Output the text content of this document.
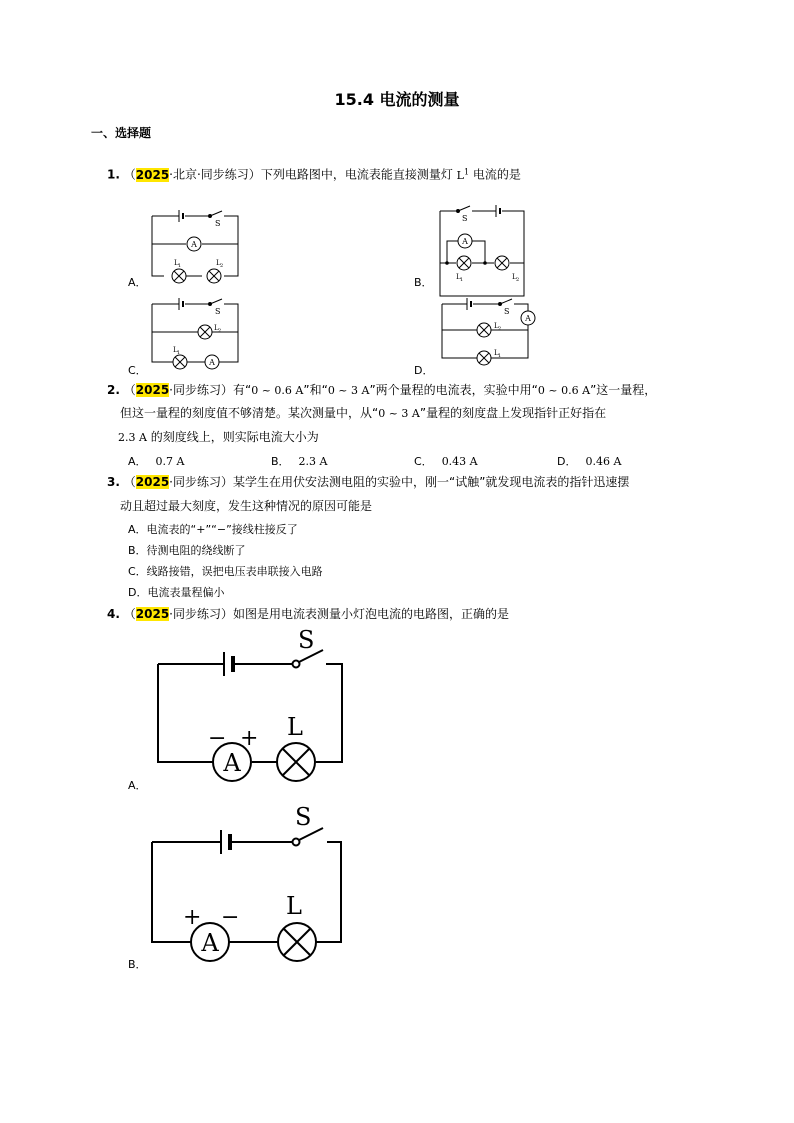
15.4 电流的测量
一、选择题
1. （2025·北京·同步练习）下列电路图中，电流表能直接测量灯 $L^1$ 电流的是
A．	B．
C．	D．
A
S
L 1	L 2
A
S
L 1	L 2
A
S
L 2
L 1
A
S
L 2
L 1
2. （2025·同步练习）有“0 ~ 0.6 A”和“0 ~ 3 A”两个量程的电流表，实验中用“0 ~ 0.6 A”这一量程，
但这一量程的刻度值不够清楚。某次测量中，从“0 ~ 3 A”量程的刻度盘上发现指针正好指在
2.3 A 的刻度线上，则实际电流大小为
A． 0.7 A	B． 2.3 A	C． 0.43 A	D． 0.46 A
3. （2025·同步练习）某学生在用伏安法测电阻的实验中，刚一“试触”就发现电流表的指针迅速摆
动且超过最大刻度，发生这种情况的原因可能是
A．电流表的“+”“−”接线柱接反了
B．待测电阻的绕线断了
C．线路接错，误把电压表串联接入电路
D．电流表量程偏小
4. （2025·同步练习）如图是用电流表测量小灯泡电流的电路图，正确的是
S
A
− + L
A．
S
A
+ − L
B．
